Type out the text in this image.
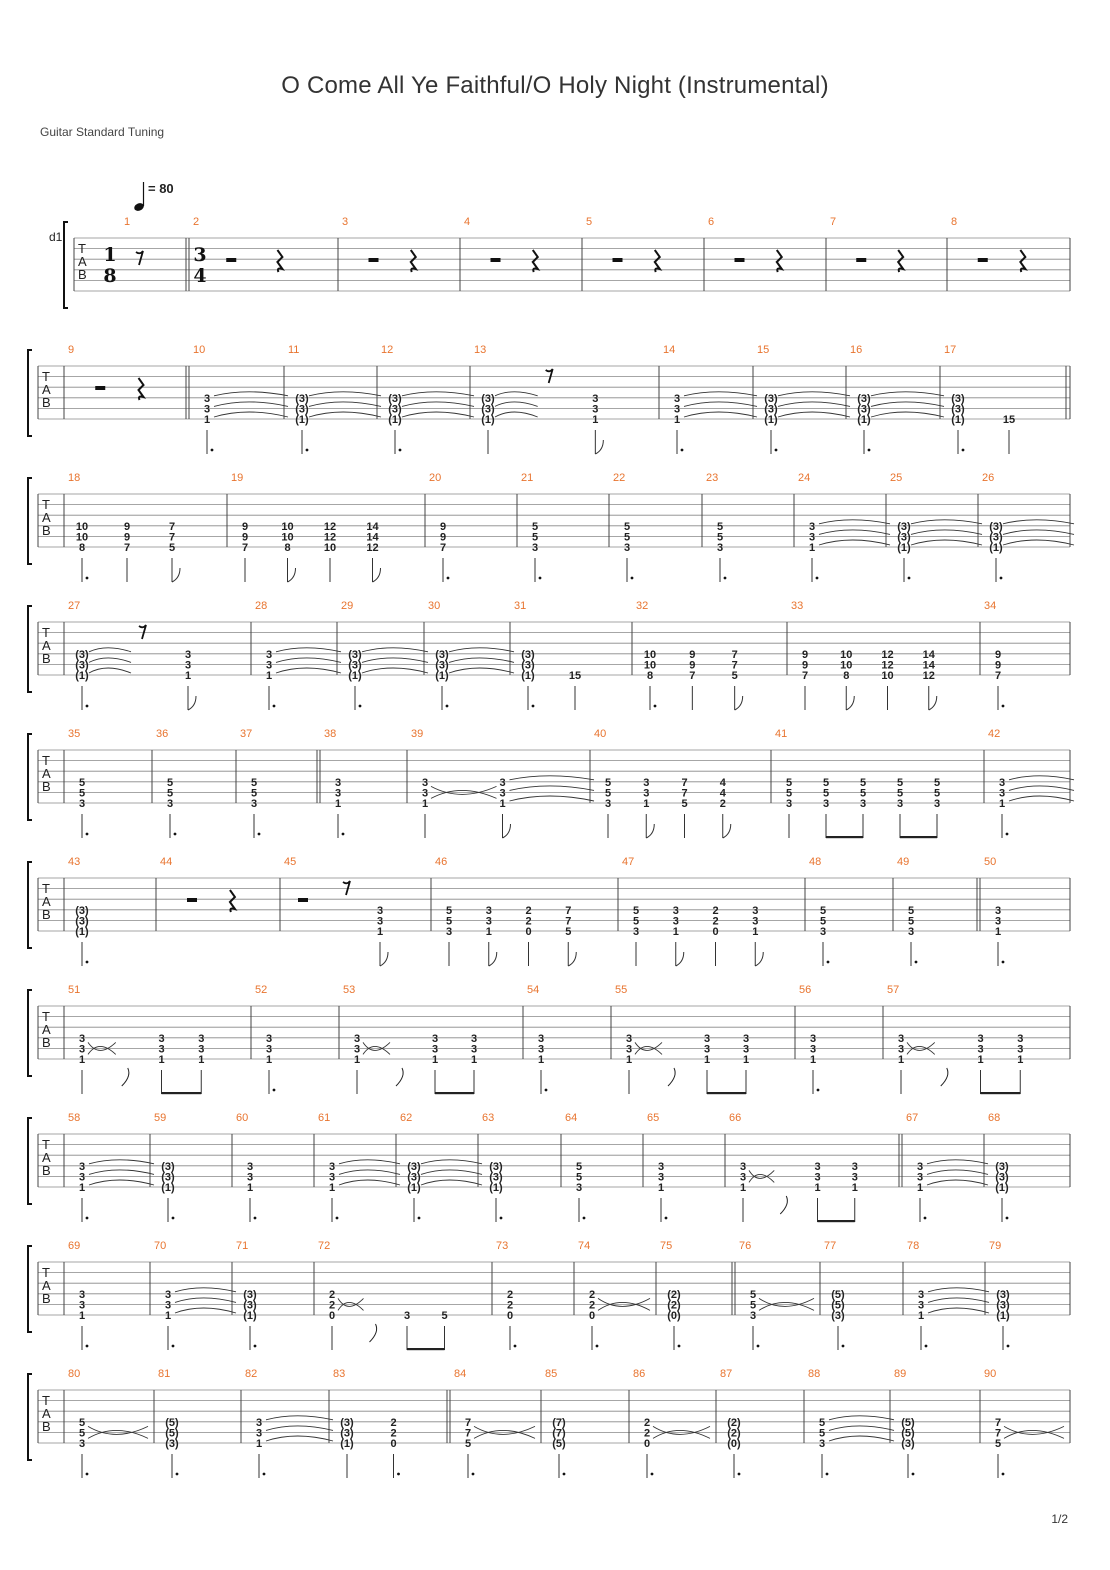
O Come All Ye Faithful/O Holy Night (Instrumental)
Guitar Standard Tuning
1/2
= 80
d1
T
A
B
1
1
8
2
3
4
3	4	5	6	7	8
T
A
B
9	10
3
3
1
11
(3)
(3)
(1)
12
(3)
(3)
(1)
13
(3)
(3)
(1)
3
3
1
14
3
3
1
15
(3)
(3)
(1)
16
(3)
(3)
(1)
17
(3)
(3)
(1)	15
T
A
B
18
10
10
8
9
9
7
7
7
5
19
9
9
7
10
10
8
12
12
10
14
14
12
20
9
9
7
21
5
5
3
22
5
5
3
23
5
5
3
24
3
3
1
25
(3)
(3)
(1)
26
(3)
(3)
(1)
T
A
B
27
(3)
(3)
(1)
3
3
1
28
3
3
1
29
(3)
(3)
(1)
30
(3)
(3)
(1)
31
(3)
(3)
(1)	15
32
10
10
8
9
9
7
7
7
5
33
9
9
7
10
10
8
12
12
10
14
14
12
34
9
9
7
T
A
B
35
5
5
3
36
5
5
3
37
5
5
3
38
3
3
1
39
3
3
1
3
3
1
40
5
5
3
3
3
1
7
7
5
4
4
2
41
5
5
3
5
5
3
5
5
3
5
5
3
5
5
3
42
3
3
1
T
A
B
43
(3)
(3)
(1)
44	45
3
3
1
46
5
5
3
3
3
1
2
2
0
7
7
5
47
5
5
3
3
3
1
2
2
0
3
3
1
48
5
5
3
49
5
5
3
50
3
3
1
T
A
B
51
3
3
1
3
3
1
3
3
1
52
3
3
1
53
3
3
1
3
3
1
3
3
1
54
3
3
1
55
3
3
1
3
3
1
3
3
1
56
3
3
1
57
3
3
1
3
3
1
3
3
1
T
A
B
58
3
3
1
59
(3)
(3)
(1)
60
3
3
1
61
3
3
1
62
(3)
(3)
(1)
63
(3)
(3)
(1)
64
5
5
3
65
3
3
1
66
3
3
1
3
3
1
3
3
1
67
3
3
1
68
(3)
(3)
(1)
T
A
B
69
3
3
1
70
3
3
1
71
(3)
(3)
(1)
72
2
2
0	3	5
73
2
2
0
74
2
2
0
75
(2)
(2)
(0)
76
5
5
3
77
(5)
(5)
(3)
78
3
3
1
79
(3)
(3)
(1)
T
A
B
80
5
5
3
81
(5)
(5)
(3)
82
3
3
1
83
(3)
(3)
(1)
2
2
0
84
7
7
5
85
(7)
(7)
(5)
86
2
2
0
87
(2)
(2)
(0)
88
5
5
3
89
(5)
(5)
(3)
90
7
7
5
